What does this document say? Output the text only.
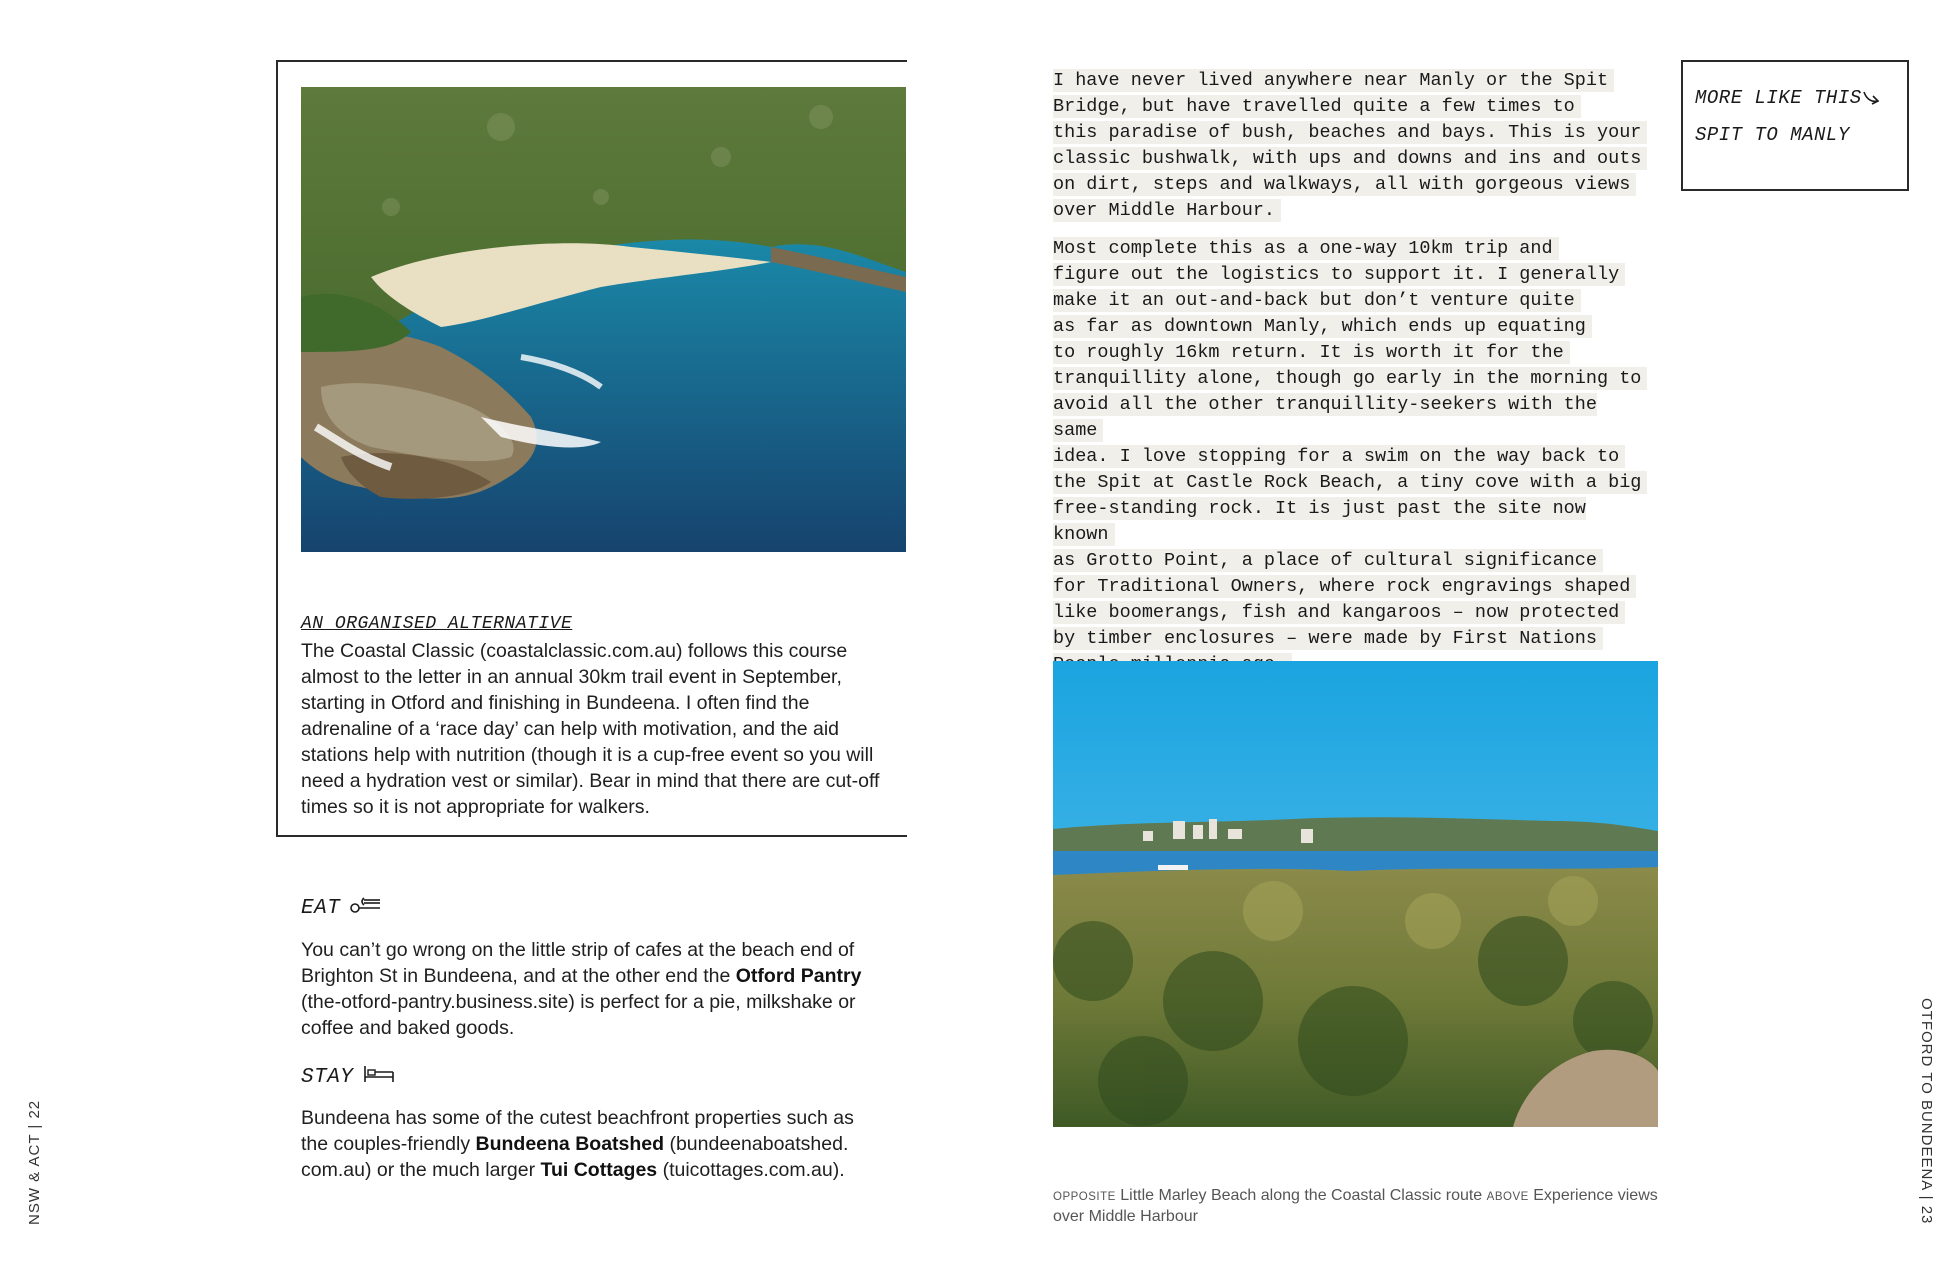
AN ORGANISED ALTERNATIVE

The Coastal Classic (coastalclassic.com.au) follows this course almost to the letter in an annual 30km trail event in September, starting in Otford and finishing in Bundeena. I often find the adrenaline of a ‘race day’ can help with motivation, and the aid stations help with nutrition (though it is a cup-free event so you will need a hydration vest or similar). Bear in mind that there are cut-off times so it is not appropriate for walkers.

EAT

You can’t go wrong on the little strip of cafes at the beach end of Brighton St in Bundeena, and at the other end the Otford Pantry (the-otford-pantry.business.site) is perfect for a pie, milkshake or coffee and baked goods.

STAY

Bundeena has some of the cutest beachfront properties such as the couples-friendly Bundeena Boatshed (bundeenaboatshed. com.au) or the much larger Tui Cottages (tuicottages.com.au).

NSW & ACT | 22
I have never lived anywhere near Manly or the Spit
Bridge, but have travelled quite a few times to
this paradise of bush, beaches and bays. This is your
classic bushwalk, with ups and downs and ins and outs
on dirt, steps and walkways, all with gorgeous views
over Middle Harbour.
Most complete this as a one-way 10km trip and
figure out the logistics to support it. I generally
make it an out-and-back but don’t venture quite
as far as downtown Manly, which ends up equating
to roughly 16km return. It is worth it for the
tranquillity alone, though go early in the morning to
avoid all the other tranquillity-seekers with the same
idea. I love stopping for a swim on the way back to
the Spit at Castle Rock Beach, a tiny cove with a big
free-standing rock. It is just past the site now known
as Grotto Point, a place of cultural significance
for Traditional Owners, where rock engravings shaped
like boomerangs, fish and kangaroos – now protected
by timber enclosures – were made by First Nations
MORE LIKE THIS
SPIT TO MANLY

OPPOSITE Little Marley Beach along the Coastal Classic route ABOVE Experience views over Middle Harbour	OTFORD TO BUNDEENA | 23
